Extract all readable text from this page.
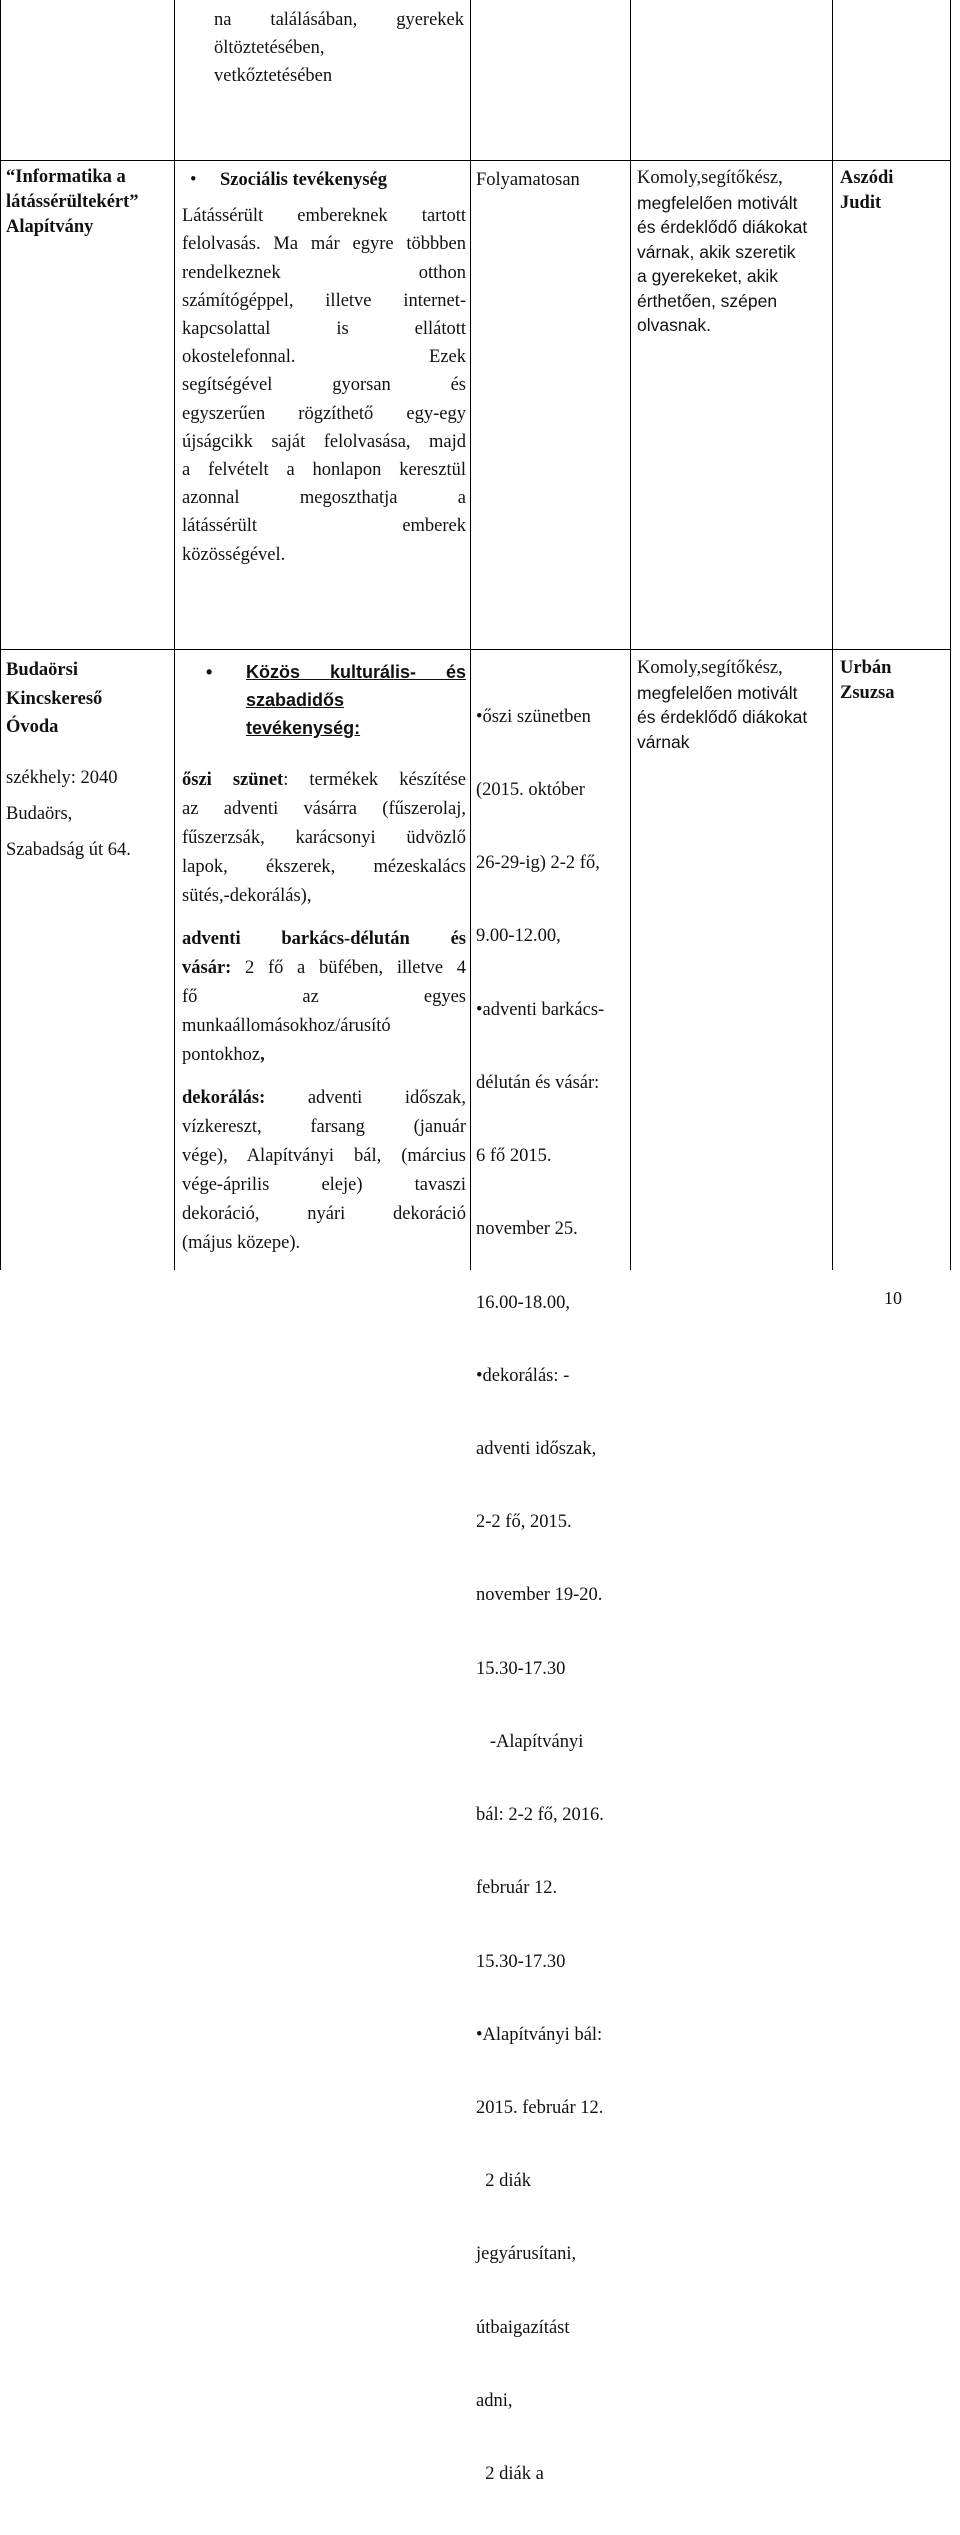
na találásában, gyerekek
öltöztetésében,
vetkőztetésében
“Informatika a
látássérültekért”
Alapítvány
• Szociális tevékenység
Látássérült embereknek tartott
felolvasás. Ma már egyre többben
rendelkeznek otthon
számítógéppel, illetve internet-
kapcsolattal is ellátott
okostelefonnal. Ezek
segítségével gyorsan és
egyszerűen rögzíthető egy-egy
újságcikk saját felolvasása, majd
a felvételt a honlapon keresztül
azonnal megoszthatja a
látássérült emberek
közösségével.
Folyamatosan	Komoly,segítőkész,
megfelelően motivált
és érdeklődő diákokat
várnak, akik szeretik
a gyerekeket, akik
érthetően, szépen
olvasnak.
Aszódi
Judit
Budaörsi
Kincskereső
Óvoda
székhely: 2040
Budaörs,
Szabadság út 64.
• Közös kulturális- és
szabadidős
tevékenység:
őszi szünet: termékek készítése
az adventi vásárra (fűszerolaj,
fűszerzsák, karácsonyi üdvözlő
lapok, ékszerek, mézeskalács
sütés,-dekorálás),
adventi barkács-délután és
vásár: 2 fő a büfében, illetve 4
fő az egyes
munkaállomásokhoz/árusító
pontokhoz,
dekorálás: adventi időszak,
vízkereszt, farsang (január
vége), Alapítványi bál, (március
vége-április eleje) tavaszi
dekoráció, nyári dekoráció
(május közepe).

•őszi szünetben

(2015. október

26-29-ig) 2-2 fő,

9.00-12.00,

•adventi barkács-

délután és vásár:

6 fő 2015.

november 25.

16.00-18.00,

•dekorálás: -

adventi időszak,

2-2 fő, 2015.

november 19-20.

15.30-17.30

-Alapítványi

bál: 2-2 fő, 2016.

február 12.

15.30-17.30

•Alapítványi bál:

2015. február 12.

2 diák

jegyárusítani,

útbaigazítást

adni,

2 diák a

Komoly,segítőkész,
megfelelően motivált
és érdeklődő diákokat
várnak
Urbán
Zsuzsa
10
